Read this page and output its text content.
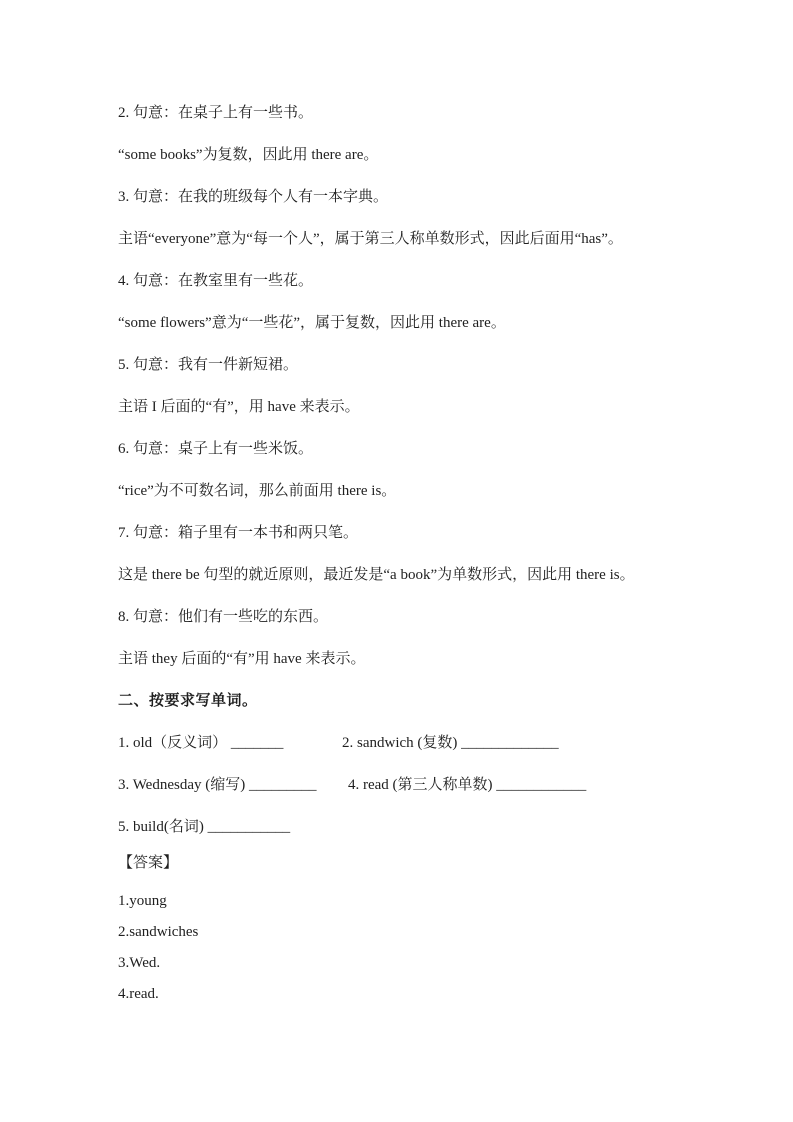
2. 句意：在桌子上有一些书。

“some books”为复数，因此用 there are。

3. 句意：在我的班级每个人有一本字典。

主语“everyone”意为“每一个人”，属于第三人称单数形式，因此后面用“has”。

4. 句意：在教室里有一些花。

“some flowers”意为“一些花”，属于复数，因此用 there are。

5. 句意：我有一件新短裙。

主语 I 后面的“有”，用 have 来表示。

6. 句意：桌子上有一些米饭。

“rice”为不可数名词，那么前面用 there is。

7. 句意：箱子里有一本书和两只笔。

这是 there be 句型的就近原则，最近发是“a book”为单数形式，因此用 there is。

8. 句意：他们有一些吃的东西。

主语 they 后面的“有”用 have 来表示。

二、按要求写单词。

1. old（反义词） _______	2. sandwich (复数) _____________
3. Wednesday (缩写) _________	4. read (第三人称单数) ____________

5. build(名词) ___________

【答案】

1.young

2.sandwiches

3.Wed.

4.read.
